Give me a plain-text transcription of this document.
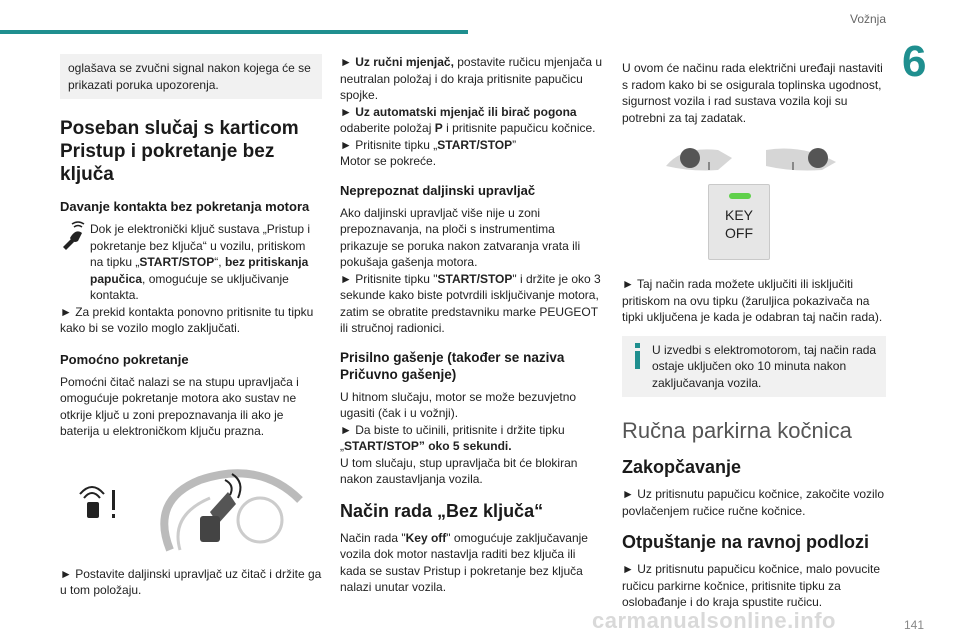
Vožnja
6
oglašava se zvučni signal nakon kojega će se prikazati poruka upozorenja.
Poseban slučaj s karticom Pristup i pokretanje bez ključa
Davanje kontakta bez pokretanja motora
Dok je elektronički ključ sustava „Pristup i pokretanje bez ključa“ u vozilu, pritiskom na tipku „START/STOP“, bez pritiskanja papučica, omogućuje se uključivanje kontakta.

► Za prekid kontakta ponovno pritisnite tu tipku kako bi se vozilo moglo zaključati.

Pomoćno pokretanje

Pomoćni čitač nalazi se na stupu upravljača i omogućuje pokretanje motora ako sustav ne otkrije ključ u zoni prepoznavanja ili ako je baterija u elektroničkom ključu prazna.

► Postavite daljinski upravljač uz čitač i držite ga u tom položaju.

► Uz ručni mjenjač, postavite ručicu mjenjača u neutralan položaj i do kraja pritisnite papučicu spojke.

► Uz automatski mjenjač ili birač pogona odaberite položaj P i pritisnite papučicu kočnice.

► Pritisnite tipku „START/STOP”

Motor se pokreće.

Neprepoznat daljinski upravljač

Ako daljinski upravljač više nije u zoni prepoznavanja, na ploči s instrumentima prikazuje se poruka nakon zatvaranja vrata ili pokušaja gašenja motora.

► Pritisnite tipku "START/STOP" i držite je oko 3 sekunde kako biste potvrdili isključivanje motora, zatim se obratite predstavniku marke PEUGEOT ili stručnoj radionici.

Prisilno gašenje (također se naziva Pričuvno gašenje)

U hitnom slučaju, motor se može bezuvjetno ugasiti (čak i u vožnji).

► Da biste to učinili, pritisnite i držite tipku „START/STOP” oko 5 sekundi.

U tom slučaju, stup upravljača bit će blokiran nakon zaustavljanja vozila.

Način rada „Bez ključa“

Način rada "Key off" omogućuje zaključavanje vozila dok motor nastavlja raditi bez ključa ili kada se sustav Pristup i pokretanje bez ključa nalazi unutar vozila.

U ovom će načinu rada električni uređaji nastaviti s radom kako bi se osigurala toplinska ugodnost, sigurnost vozila i rad sustava vozila koji su potrebni za taj zadatak.

KEY
OFF

► Taj način rada možete uključiti ili isključiti pritiskom na ovu tipku (žaruljica pokazivača na tipki uključena je kada je odabran taj način rada).

U izvedbi s elektromotorom, taj način rada ostaje uključen oko 10 minuta nakon zaključavanja vozila.
Ručna parkirna kočnica
Zakopčavanje

► Uz pritisnutu papučicu kočnice, zakočite vozilo povlačenjem ručice ručne kočnice.

Otpuštanje na ravnoj podlozi

► Uz pritisnutu papučicu kočnice, malo povucite ručicu parkirne kočnice, pritisnite tipku za oslobađanje i do kraja spustite ručicu.

carmanualsonline.info	141
